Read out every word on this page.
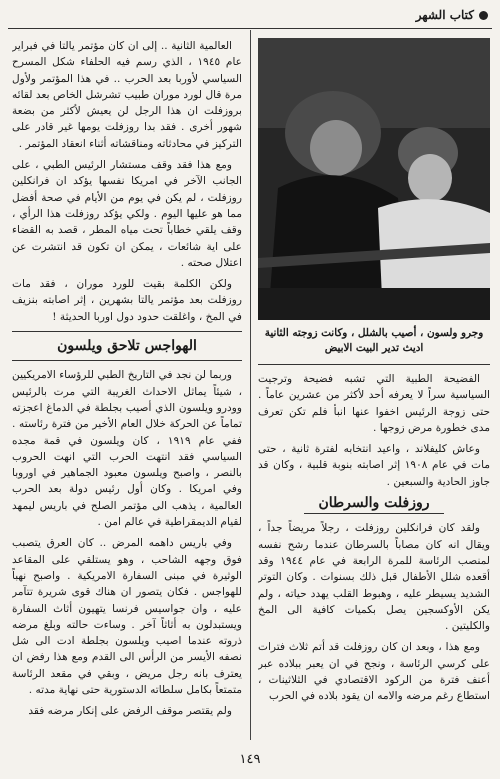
كتاب الشهر
وجرو ولسون ، أصيب بالشلل ، وكانت زوجته الثانية
اديث تدير البيت الابيض

الفضيحة الطبية التي تشبه فضيحة وترجيت السياسية سراً لا يعرفه أحد لأكثر من عشرين عاماً . حتى زوجة الرئيس اخفوا عنها انبأ فلم تكن تعرف مدى خطورة مرض زوجها .

وعاش كليفلاند ، واعيد انتخابه لفترة ثانية ، حتى مات في عام ١٩٠٨ إثر اصابته بنوبة قلبية ، وكان قد جاوز الحادية والسبعين .

روزفلت والسرطان

ولقد كان فرانكلين روزفلت ، رجلاً مريضاً جداً ، ويقال انه كان مصاباً بالسرطان عندما رشح نفسه لمنصب الرئاسة للمرة الرابعة في عام ١٩٤٤ وقد أقعده شلل الأطفال قبل ذلك بسنوات . وكان التوتر الشديد يسيطر عليه ، وهبوط القلب يهدد حياته ، ولم يكن الأوكسجين يصل بكميات كافية الى المخ والكليتين .

ومع هذا ، وبعد ان كان روزفلت قد أتم ثلاث فترات على كرسي الرئاسة ، ونجح في ان يعبر ببلاده عبر أعنف فترة من الركود الاقتصادي في الثلاثينات ، استطاع رغم مرضه والامه ان يقود بلاده في الحرب

العالمية الثانية .. إلى ان كان مؤتمر يالتا في فبراير عام ١٩٤٥ ، الذي رسم فيه الحلفاء شكل المسرح السياسي لأوربا بعد الحرب .. في هذا المؤتمر ولأول مرة قال لورد موران طبيب تشرشل الخاص بعد لقائه بروزفلت ان هذا الرجل لن يعيش لأكثر من بضعة شهور أخرى . فقد بدا روزفلت يومها غير قادر على التركيز في محادثاته ومناقشاته أثناء انعقاد المؤتمر .

ومع هذا فقد وقف مستشار الرئيس الطبي ، على الجانب الآخر في امريكا نفسها يؤكد ان فرانكلين روزفلت ، لم يكن في يوم من الأيام في صحة أفضل مما هو عليها اليوم . ولكي يؤكد روزفلت هذا الرأي ، وقف يلقي خطاباً تحت مياه المطر ، قصد به القضاء على اية شائعات ، يمكن ان تكون قد انتشرت عن اعتلال صحته .

ولكن الكلمة بقيت للورد موران ، فقد مات روزفلت بعد مؤتمر يالتا بشهرين ، إثر اصابته بنزيف في المخ ، واغلقت حدود دول اوربا الحديثة !

الهواجس تلاحق ويلسون

وربما لن نجد في التاريخ الطبي للرؤساء الامريكيين ، شيئاً يماثل الاحداث الغريبة التي مرت بالرئيس وودرو ويلسون الذي أصيب بجلطة في الدماغ اعجزته تماماً عن الحركة خلال العام الأخير من فترة رئاسته . ففي عام ١٩١٩ ، كان ويلسون في قمة مجده السياسي فقد انتهت الحرب التي انهت الحروب بالنصر ، واصبح ويلسون معبود الجماهير في اوروبا وفي امريكا . وكان أول رئيس دولة بعد الحرب العالمية ، يذهب الى مؤتمر الصلح في باريس ليمهد لقيام الديمقراطية في عالم امن .

وفي باريس داهمه المرض .. كان العرق يتصبب فوق وجهه الشاحب ، وهو يستلقي على المقاعد الوثيرة في مبنى السفارة الامريكية . واصبح نهباً للهواجس . فكان يتصور ان هناك قوى شريرة تتآمر عليه ، وان جواسيس فرنسا يتهيون أثاث السفارة ويستبدلون به أثاثاً آخر . وساءت حالته وبلغ مرضه ذروته عندما اصيب ويلسون بجلطة ادت الى شل نصفه الأيسر من الرأس الى القدم ومع هذا رفض ان يعترف بانه رجل مريض ، وبقي في مقعد الرئاسة متمتعاً بكامل سلطاته الدستورية حتى نهاية مدته .

ولم يقتصر موقف الرفض على إنكار مرضه فقد

١٤٩
